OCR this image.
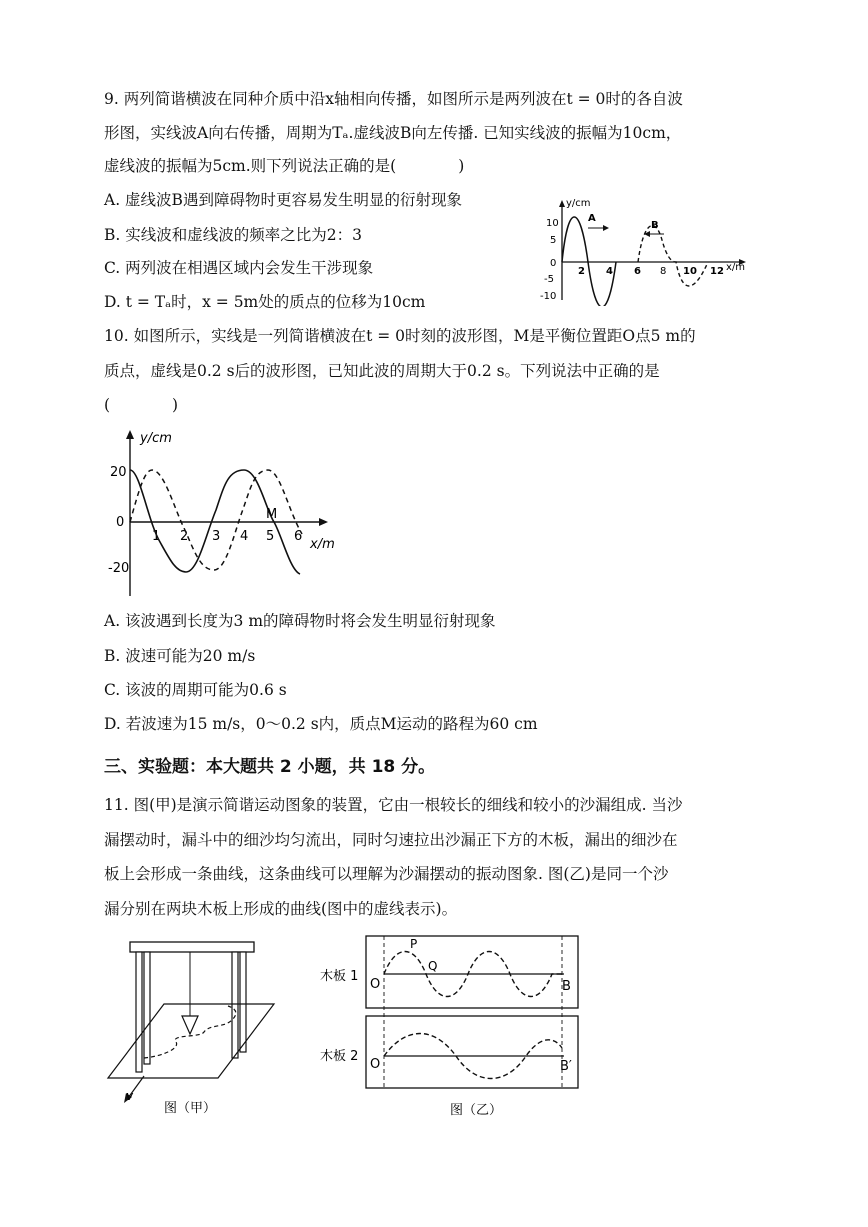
9. 两列简谐横波在同种介质中沿x轴相向传播，如图所示是两列波在t = 0时的各自波
形图，实线波A向右传播，周期为Tₐ.虚线波B向左传播. 已知实线波的振幅为10cm，
虚线波的振幅为5cm.则下列说法正确的是(　　　　)
A. 虚线波B遇到障碍物时更容易发生明显的衍射现象
B. 实线波和虚线波的频率之比为2：3
C. 两列波在相遇区域内会发生干涉现象
D. t = Tₐ时，x = 5m处的质点的位移为10cm
y/cm
x/m
10
5
0
-5
-10
2 4 6 8 10 12
A
B
10. 如图所示，实线是一列简谐横波在t = 0时刻的波形图，M是平衡位置距O点5 m的
质点，虚线是0.2 s后的波形图，已知此波的周期大于0.2 s。下列说法中正确的是
(　　　　)
y/cm
x/m
20
0
-20
1 2 3 4 5 6
M
A. 该波遇到长度为3 m的障碍物时将会发生明显衍射现象
B. 波速可能为20 m/s
C. 该波的周期可能为0.6 s
D. 若波速为15 m/s，0～0.2 s内，质点M运动的路程为60 cm
三、实验题：本大题共 2 小题，共 18 分。
11. 图(甲)是演示简谐运动图象的装置，它由一根较长的细线和较小的沙漏组成. 当沙
漏摆动时，漏斗中的细沙均匀流出，同时匀速拉出沙漏正下方的木板，漏出的细沙在
板上会形成一条曲线，这条曲线可以理解为沙漏摆动的振动图象. 图(乙)是同一个沙
漏分别在两块木板上形成的曲线(图中的虚线表示)。
v
图（甲）
木板 1
木板 2
O	B
P
Q
O	B′
图（乙）
